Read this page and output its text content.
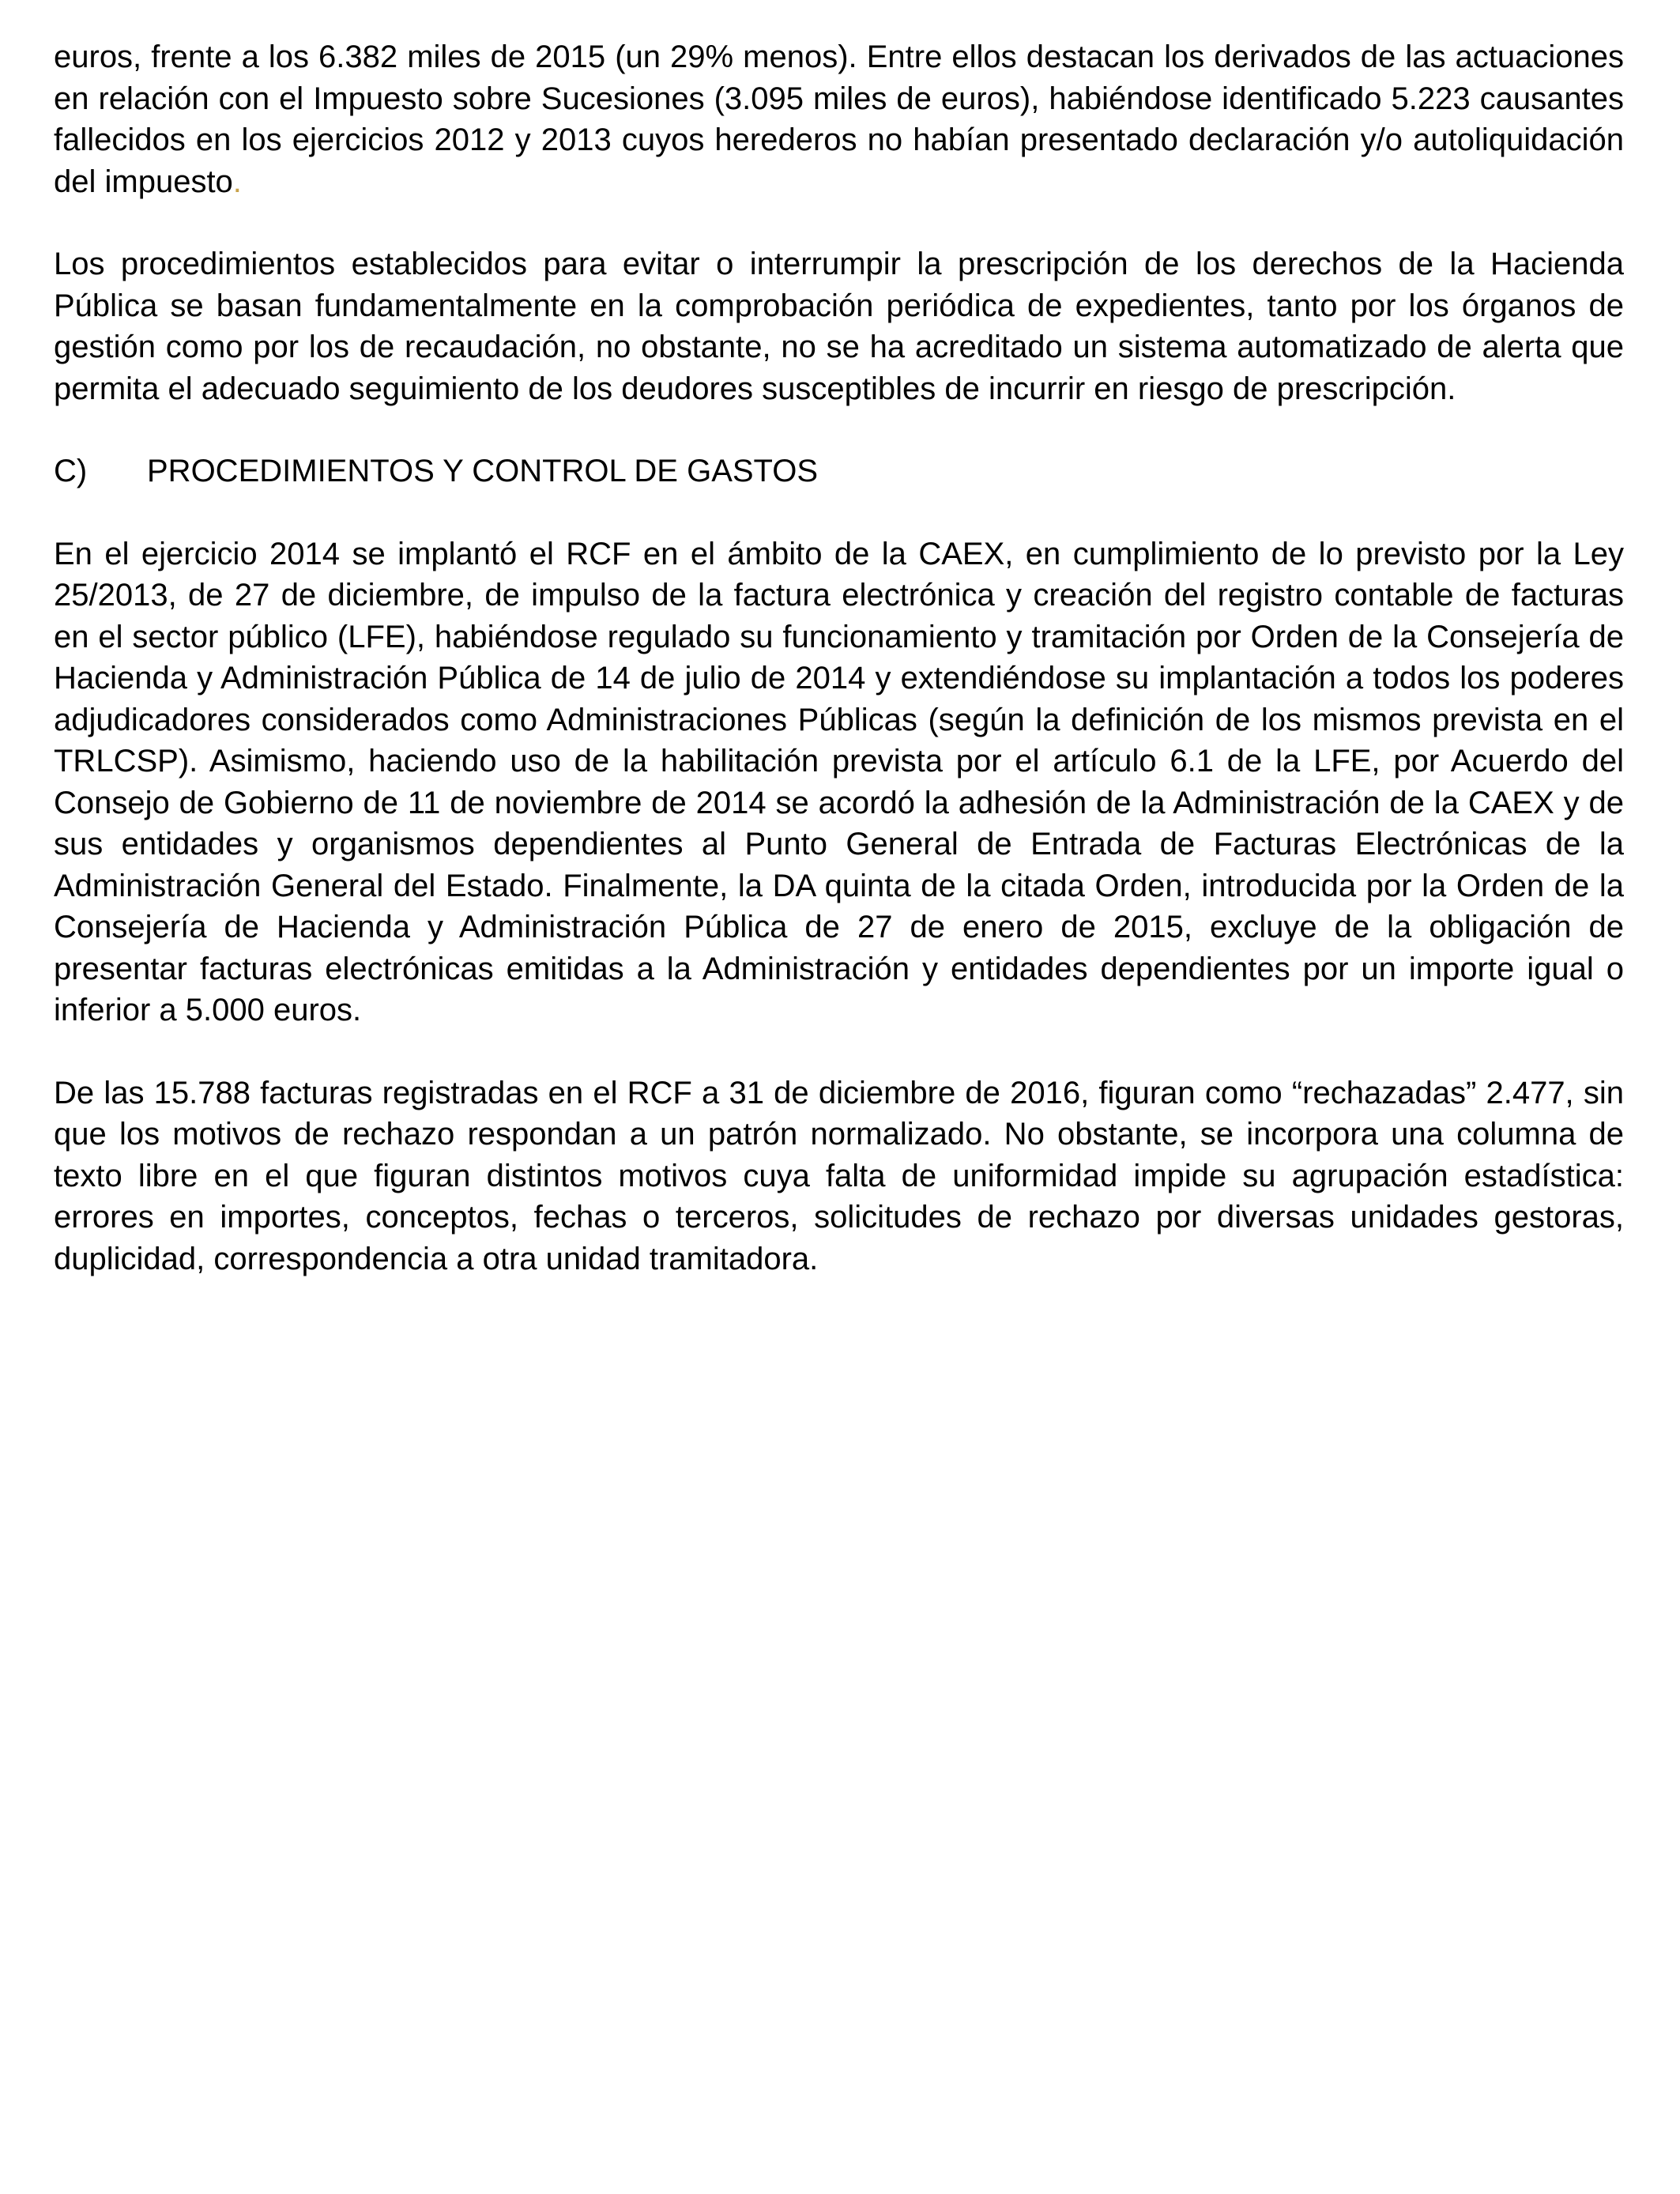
euros, frente a los 6.382 miles de 2015 (un 29% menos). Entre ellos destacan los derivados de las actuaciones en relación con el Impuesto sobre Sucesiones (3.095 miles de euros), habiéndose identificado 5.223 causantes fallecidos en los ejercicios 2012 y 2013 cuyos herederos no habían presentado declaración y/o autoliquidación del impuesto.

Los procedimientos establecidos para evitar o interrumpir la prescripción de los derechos de la Hacienda Pública se basan fundamentalmente en la comprobación periódica de expedientes, tanto por los órganos de gestión como por los de recaudación, no obstante, no se ha acreditado un sistema automatizado de alerta que permita el adecuado seguimiento de los deudores susceptibles de incurrir en riesgo de prescripción.

C)	PROCEDIMIENTOS Y CONTROL DE GASTOS

En el ejercicio 2014 se implantó el RCF en el ámbito de la CAEX, en cumplimiento de lo previsto por la Ley 25/2013, de 27 de diciembre, de impulso de la factura electrónica y creación del registro contable de facturas en el sector público (LFE), habiéndose regulado su funcionamiento y tramitación por Orden de la Consejería de Hacienda y Administración Pública de 14 de julio de 2014 y extendiéndose su implantación a todos los poderes adjudicadores considerados como Administraciones Públicas (según la definición de los mismos prevista en el TRLCSP). Asimismo, haciendo uso de la habilitación prevista por el artículo 6.1 de la LFE, por Acuerdo del Consejo de Gobierno de 11 de noviembre de 2014 se acordó la adhesión de la Administración de la CAEX y de sus entidades y organismos dependientes al Punto General de Entrada de Facturas Electrónicas de la Administración General del Estado. Finalmente, la DA quinta de la citada Orden, introducida por la Orden de la Consejería de Hacienda y Administración Pública de 27 de enero de 2015, excluye de la obligación de presentar facturas electrónicas emitidas a la Administración y entidades dependientes por un importe igual o inferior a 5.000 euros.

De las 15.788 facturas registradas en el RCF a 31 de diciembre de 2016, figuran como “rechazadas” 2.477, sin que los motivos de rechazo respondan a un patrón normalizado. No obstante, se incorpora una columna de texto libre en el que figuran distintos motivos cuya falta de uniformidad impide su agrupación estadística: errores en importes, conceptos, fechas o terceros, solicitudes de rechazo por diversas unidades gestoras, duplicidad, correspondencia a otra unidad tramitadora.
